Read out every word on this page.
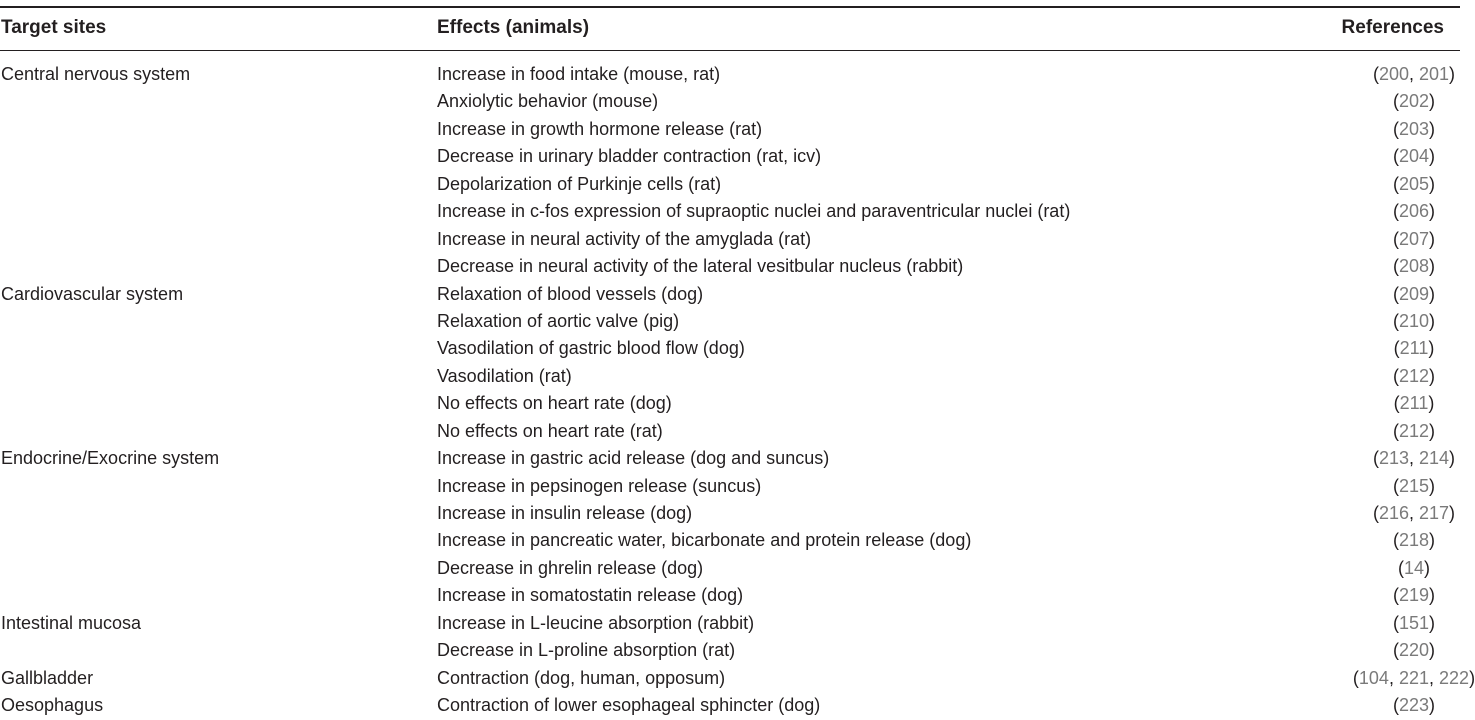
Target sites	Effects (animals)	References
Central nervous system	Increase in food intake (mouse, rat)	(200, 201)
Anxiolytic behavior (mouse)	(202)
Increase in growth hormone release (rat)	(203)
Decrease in urinary bladder contraction (rat, icv)	(204)
Depolarization of Purkinje cells (rat)	(205)
Increase in c-fos expression of supraoptic nuclei and paraventricular nuclei (rat)	(206)
Increase in neural activity of the amyglada (rat)	(207)
Decrease in neural activity of the lateral vesitbular nucleus (rabbit)	(208)
Cardiovascular system	Relaxation of blood vessels (dog)	(209)
Relaxation of aortic valve (pig)	(210)
Vasodilation of gastric blood flow (dog)	(211)
Vasodilation (rat)	(212)
No effects on heart rate (dog)	(211)
No effects on heart rate (rat)	(212)
Endocrine/Exocrine system	Increase in gastric acid release (dog and suncus)	(213, 214)
Increase in pepsinogen release (suncus)	(215)
Increase in insulin release (dog)	(216, 217)
Increase in pancreatic water, bicarbonate and protein release (dog)	(218)
Decrease in ghrelin release (dog)	(14)
Increase in somatostatin release (dog)	(219)
Intestinal mucosa	Increase in L-leucine absorption (rabbit)	(151)
Decrease in L-proline absorption (rat)	(220)
Gallbladder	Contraction (dog, human, opposum)	(104, 221, 222)
Oesophagus	Contraction of lower esophageal sphincter (dog)	(223)
